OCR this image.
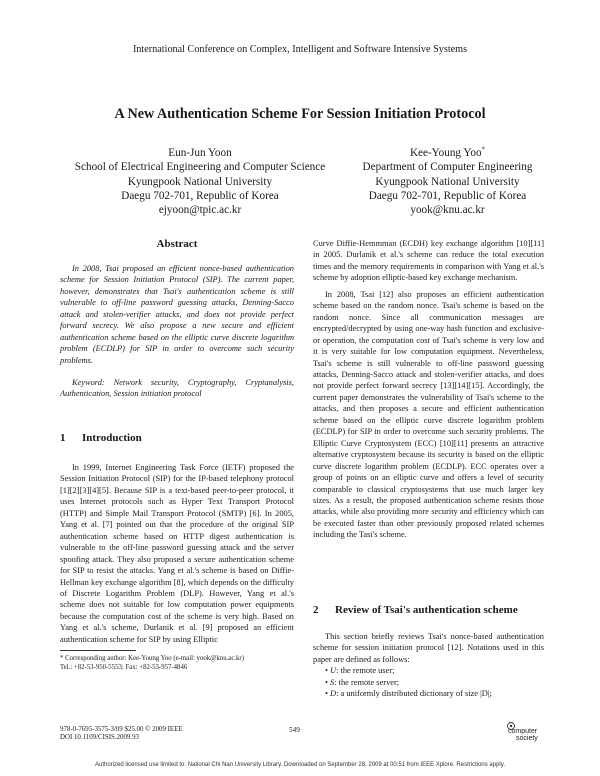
International Conference on Complex, Intelligent and Software Intensive Systems
A New Authentication Scheme For Session Initiation Protocol
Eun-Jun Yoon
School of Electrical Engineering and Computer Science
Kyungpook National University
Daegu 702-701, Republic of Korea
ejyoon@tpic.ac.kr
Kee-Young Yoo*
Department of Computer Engineering
Kyungpook National University
Daegu 702-701, Republic of Korea
yook@knu.ac.kr
Abstract

In 2008, Tsai proposed an efficient nonce-based authentication scheme for Session Initiation Protocol (SIP). The current paper, however, demonstrates that Tsai's authentication scheme is still vulnerable to off-line password guessing attacks, Denning-Sacco attack and stolen-verifier attacks, and does not provide perfect forward secrecy. We also propose a new secure and efficient authentication scheme based on the elliptic curve discrete logarithm problem (ECDLP) for SIP in order to overcome such security problems.

Keyword: Network security, Cryptography, Cryptanalysis, Authentication, Session initiation protocol

1 Introduction

In 1999, Internet Engineering Task Force (IETF) proposed the Session Initiation Protocol (SIP) for the IP-based telephony protocol [1][2][3][4][5]. Because SIP is a text-based peer-to-peer protocol, it uses Internet protocols such as Hyper Text Transport Protocol (HTTP) and Simple Mail Transport Protocol (SMTP) [6]. In 2005, Yang et al. [7] pointed out that the procedure of the original SIP authentication scheme based on HTTP digest authentication is vulnerable to the off-line password guessing attack and the server spoofing attack. They also proposed a secure authentication scheme for SIP to resist the attacks. Yang et al.'s scheme is based on Diffie-Hellman key exchange algorithm [8], which depends on the difficulty of Discrete Logarithm Problem (DLP). However, Yang et al.'s scheme does not suitable for low computation power equipments because the computation cost of the scheme is very high. Based on Yang et al.'s scheme, Durlanik et al. [9] proposed an efficient authentication scheme for SIP by using Elliptic

Curve Diffie-Hemmman (ECDH) key exchange algorithm [10][11] in 2005. Durlanik et al.'s scheme can reduce the total execution times and the memory requirements in comparison with Yang et al.'s scheme by adoption elliptic-based key exchange mechanism.

In 2008, Tsai [12] also proposes an efficient authentication scheme based on the random nonce. Tsai's scheme is based on the random nonce. Since all communication messages are encrypted/decrypted by using one-way hash function and exclusive-or operation, the computation cost of Tsai's scheme is very low and it is very suitable for low computation equipment. Nevertheless, Tsai's scheme is still vulnerable to off-line password guessing attacks, Denning-Sacco attack and stolen-verifier attacks, and does not provide perfect forward secrecy [13][14][15]. Accordingly, the current paper demonstrates the vulnerability of Tsai's scheme to the attacks, and then proposes a secure and efficient authentication scheme based on the elliptic curve discrete logarithm problem (ECDLP) for SIP in order to overcome such security problems. The Elliptic Curve Cryptosystem (ECC) [10][11] presents an attractive alternative cryptosystem because its security is based on the elliptic curve discrete logarithm problem (ECDLP). ECC operates over a group of points on an elliptic curve and offers a level of security comparable to classical cryptosystems that use much larger key sizes. As a result, the proposed authentication scheme resists those attacks, while also providing more security and efficiency which can be executed faster than other previously proposed related schemes including the Tasi's scheme.

2 Review of Tsai's authentication scheme

This section briefly reviews Tsai's nonce-based authentication scheme for session initiation protocol [12]. Notations used in this paper are defined as follows:

• U: the remote user;

• S: the remote server;

• D: a uniformly distributed dictionary of size |D|;

* Corresponding author: Kee-Young Yoo (e-mail: yook@knu.ac.kr)
Tel.: +82-53-950-5553; Fax: +82-53-957-4846
978-0-7695-3575-3/09 $25.00 © 2009 IEEE
DOI 10.1109/CISIS.2009.93
549	computer
society
Authorized licensed use limited to: National Chi Nan University Library. Downloaded on September 28, 2009 at 00:51 from IEEE Xplore. Restrictions apply.
